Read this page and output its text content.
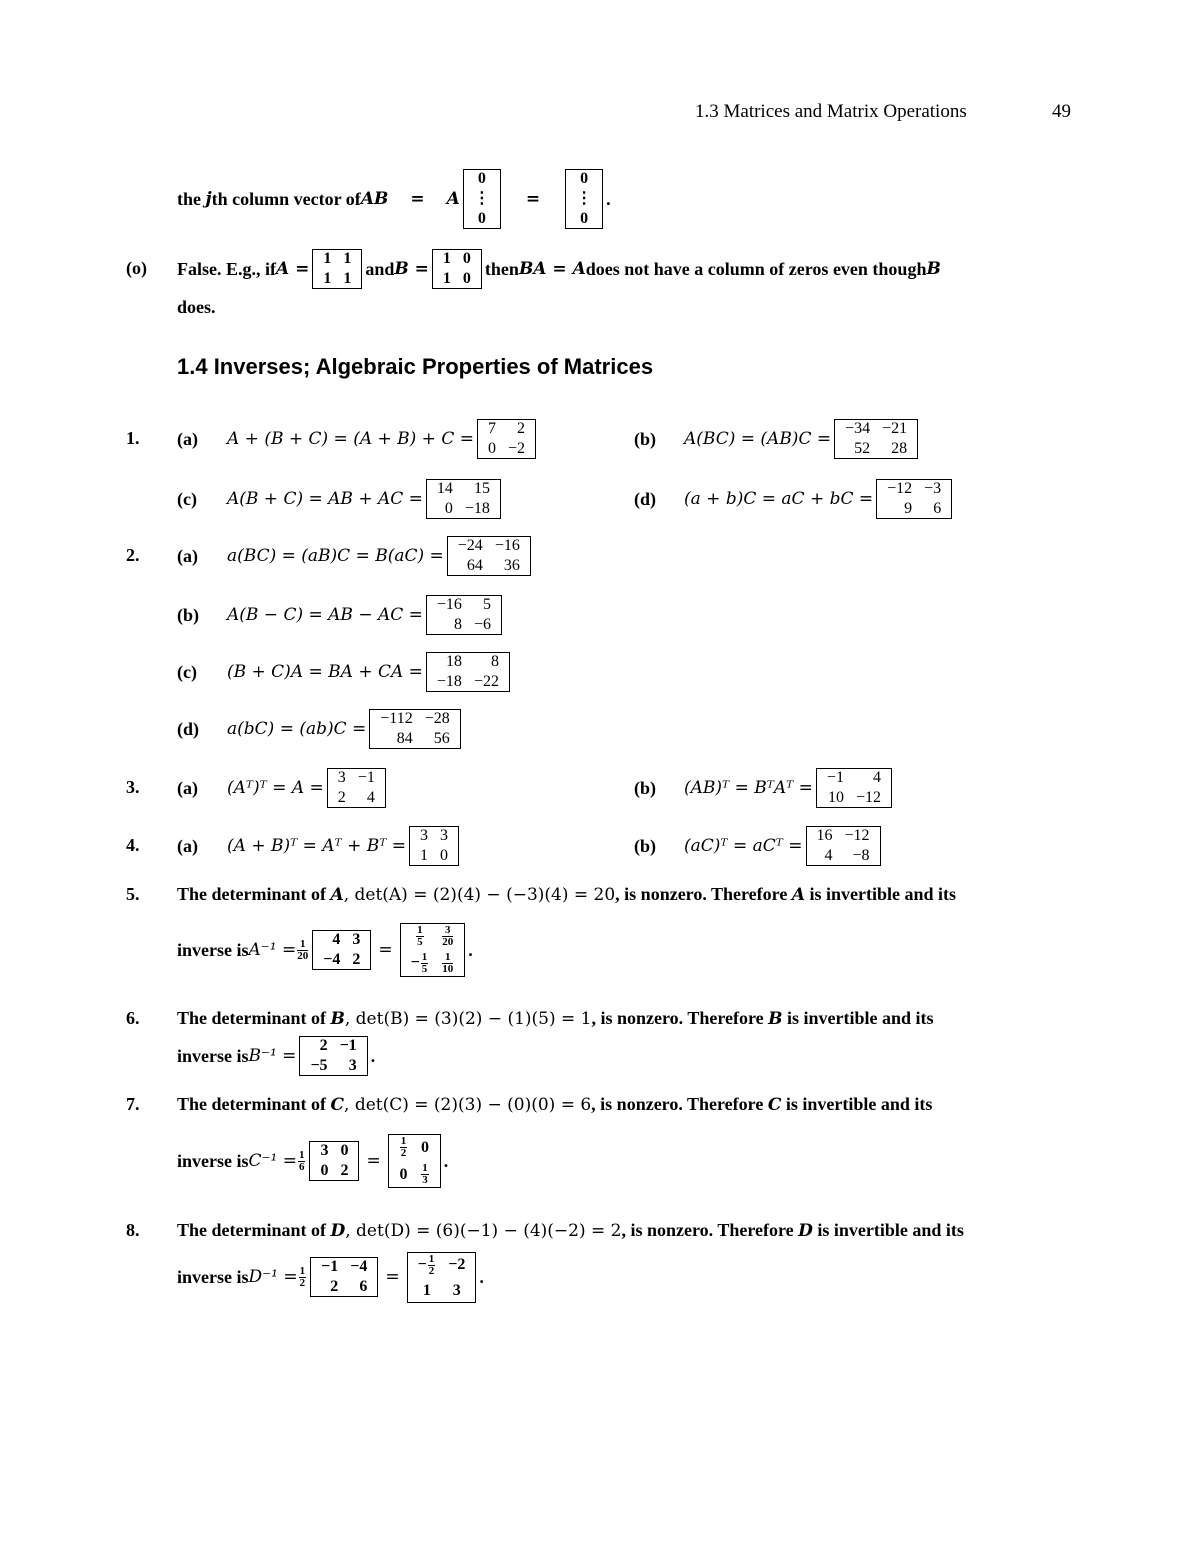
1.3 Matrices and Matrix Operations	49
the
j th column vector of AB = A
0
⋮
0
=
0
⋮
0
.
(o) False. E.g., if A =
1	1
1	1 and B =
1	0
1	0 then BA = A does not have a column of zeros even though B
does.
1.4 Inverses; Algebraic Properties of Matrices
1. (a)	A + (B + C) = (A + B) + C =
7	2
0	−2	(b)	A(BC) = (AB)C =
−34	−21
52	28
(c)	A(B + C) = AB + AC =
14	15
0	−18	(d)	(a + b)C = aC + bC =
−12	−3
9	6
2. (a)	a(BC) = (aB)C = B(aC) =
−24	−16
64	36
(b)	A(B − C) = AB − AC =
−16	5
8	−6
(c)	(B + C)A = BA + CA =
18	8
−18	−22
(d)	a(bC) = (ab)C =
−112	−28
84	56
3. (a)	(Aᵀ)ᵀ = A =
3	−1
2	4	(b)	(AB)ᵀ = BᵀAᵀ =
−1	4
10	−12
4. (a)	(A + B)ᵀ = Aᵀ + Bᵀ =
3	3
1	0	(b)	(aC)ᵀ = aCᵀ =
16	−12
4	−8
5. The determinant of A, det(A) = (2)(4) − (−3)(4) = 20, is nonzero. Therefore A is invertible and its
inverse is $A^{-1} = \frac{1}{20} 4$	3
−4	2 =
$\frac{1}{5}$	$\frac{3}{20}$

− $\frac{1}{5}$	$\frac{1}{10}$
.
6. The determinant of B, det(B) = (3)(2) − (1)(5) = 1, is nonzero. Therefore B is invertible and its
inverse is B⁻¹ =
2	−1
−5	3 .
7. The determinant of C, det(C) = (2)(3) − (0)(0) = 6, is nonzero. Therefore C is invertible and its
inverse is $C^{-1} = \frac{1}{6} 3$	0
0	2 =
$\frac{1}{2}$	0
0	$\frac{1}{3}$
.
8. The determinant of D, det(D) = (6)(−1) − (4)(−2) = 2, is nonzero. Therefore D is invertible and its
inverse is $D^{-1} = \frac{1}{2} -1$	−4
2	6 =
− $\frac{1}{2}$	−2
1	3
.
